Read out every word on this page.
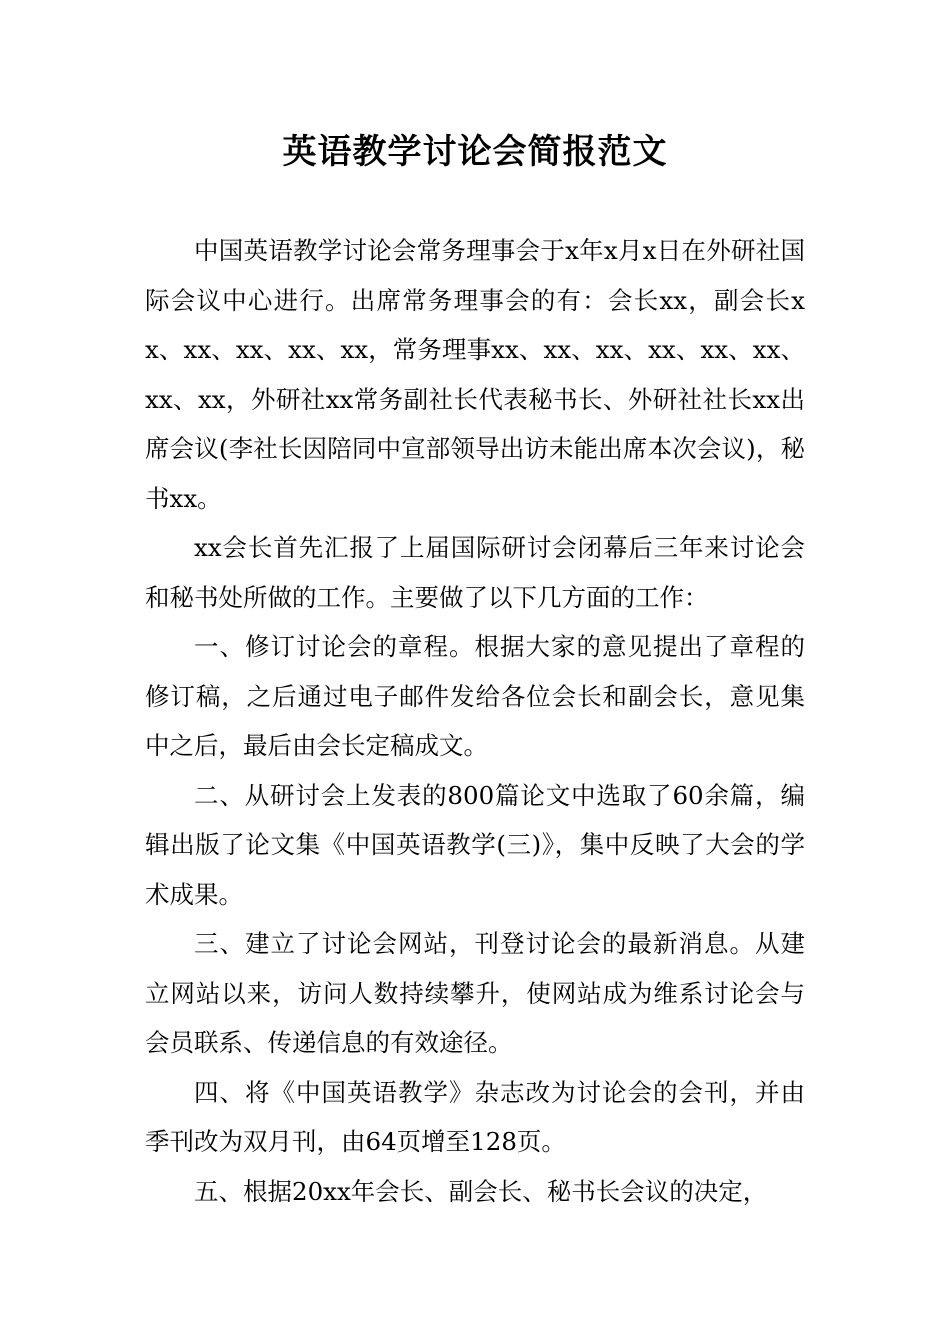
英语教学讨论会简报范文

中国英语教学讨论会常务理事会于x年x月x日在外研社国际会议中心进行。出席常务理事会的有：会长xx，副会长xx、xx、xx、xx、xx，常务理事xx、xx、xx、xx、xx、xx、xx、xx，外研社xx常务副社长代表秘书长、外研社社长xx出席会议(李社长因陪同中宣部领导出访未能出席本次会议)，秘书xx。

xx会长首先汇报了上届国际研讨会闭幕后三年来讨论会和秘书处所做的工作。主要做了以下几方面的工作：

一、修订讨论会的章程。根据大家的意见提出了章程的修订稿，之后通过电子邮件发给各位会长和副会长，意见集中之后，最后由会长定稿成文。

二、从研讨会上发表的800篇论文中选取了60余篇，编辑出版了论文集《中国英语教学(三)》，集中反映了大会的学术成果。

三、建立了讨论会网站，刊登讨论会的最新消息。从建立网站以来，访问人数持续攀升，使网站成为维系讨论会与会员联系、传递信息的有效途径。

四、将《中国英语教学》杂志改为讨论会的会刊，并由季刊改为双月刊，由64页增至128页。

五、根据20xx年会长、副会长、秘书长会议的决定，
